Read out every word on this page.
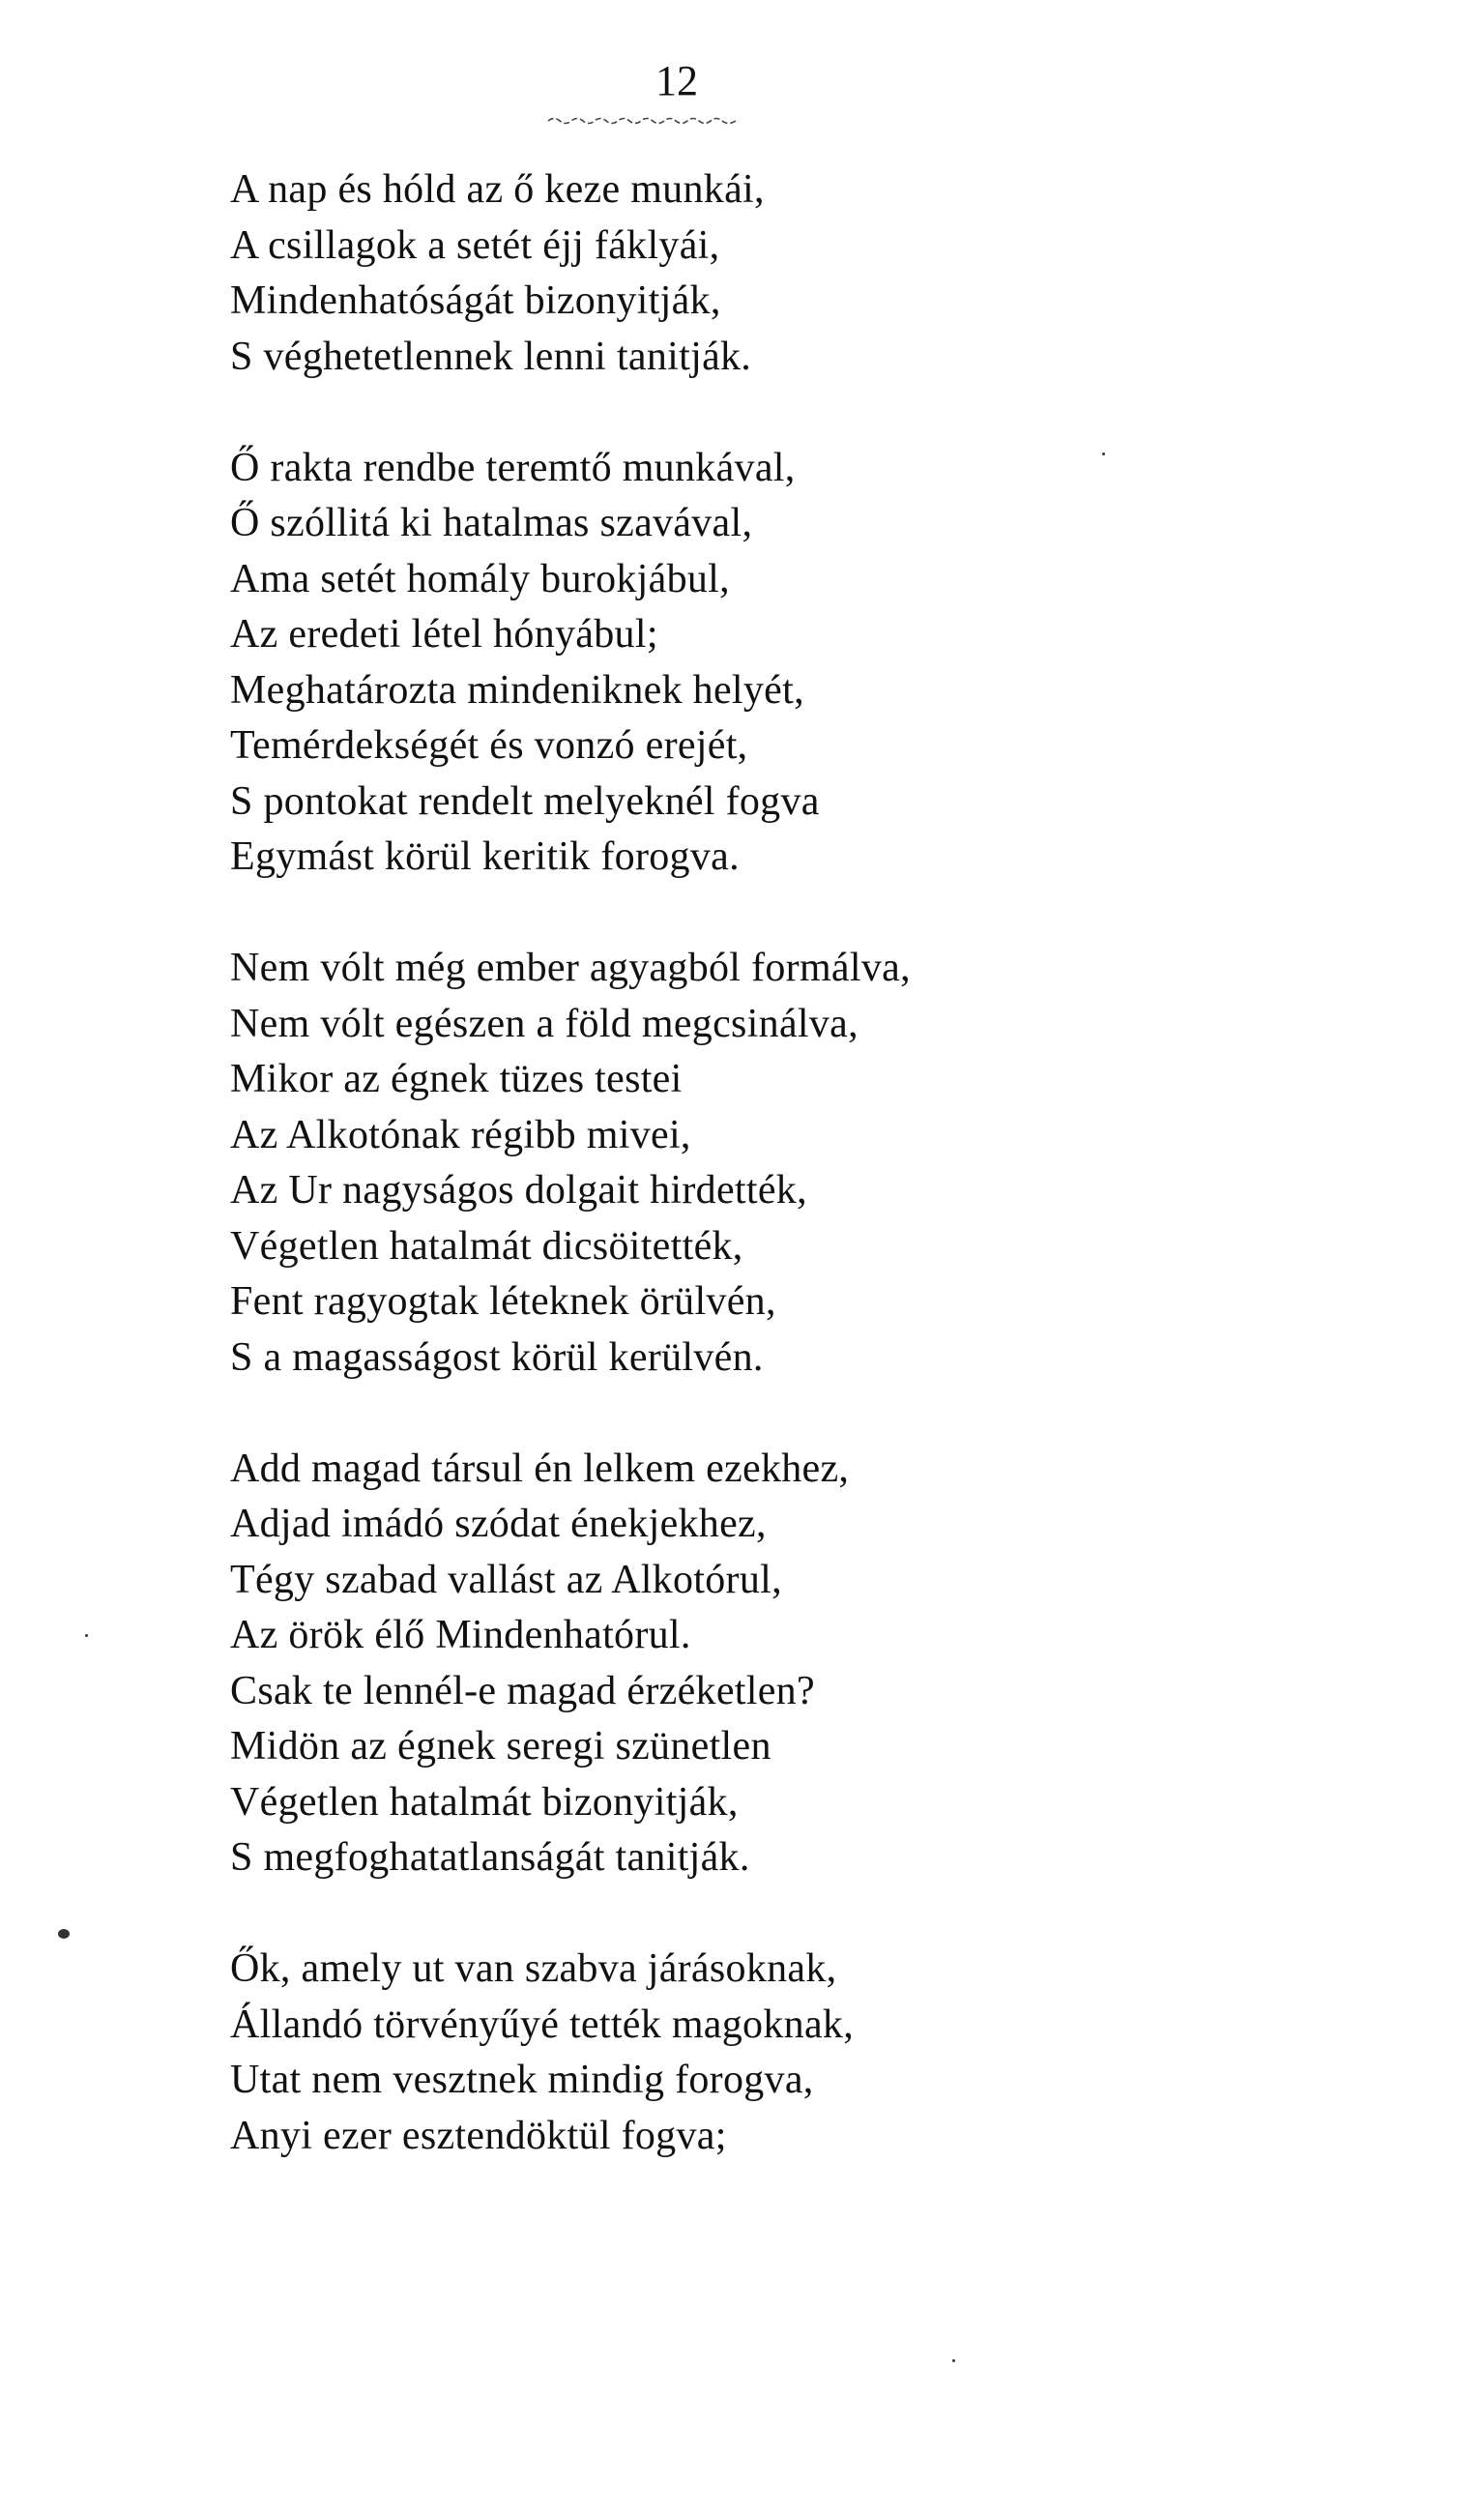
12
A nap és hóld az ő keze munkái,
A csillagok a setét éjj fáklyái,
Mindenhatóságát bizonyitják,
S véghetetlennek lenni tanitják.
Ő rakta rendbe teremtő munkával,
Ő szóllitá ki hatalmas szavával,
Ama setét homály burokjábul,
Az eredeti létel hónyábul;
Meghatározta mindeniknek helyét,
Temérdekségét és vonzó erejét,
S pontokat rendelt melyeknél fogva
Egymást körül keritik forogva.
Nem vólt még ember agyagból formálva,
Nem vólt egészen a föld megcsinálva,
Mikor az égnek tüzes testei
Az Alkotónak régibb mivei,
Az Ur nagyságos dolgait hirdették,
Végetlen hatalmát dicsöitették,
Fent ragyogtak léteknek örülvén,
S a magasságost körül kerülvén.
Add magad társul én lelkem ezekhez,
Adjad imádó szódat énekjekhez,
Tégy szabad vallást az Alkotórul,
Az örök élő Mindenhatórul.
Csak te lennél-e magad érzéketlen?
Midön az égnek seregi szünetlen
Végetlen hatalmát bizonyitják,
S megfoghatatlanságát tanitják.
Ők, amely ut van szabva járásoknak,
Állandó törvényűyé tették magoknak,
Utat nem vesztnek mindig forogva,
Anyi ezer esztendöktül fogva;
